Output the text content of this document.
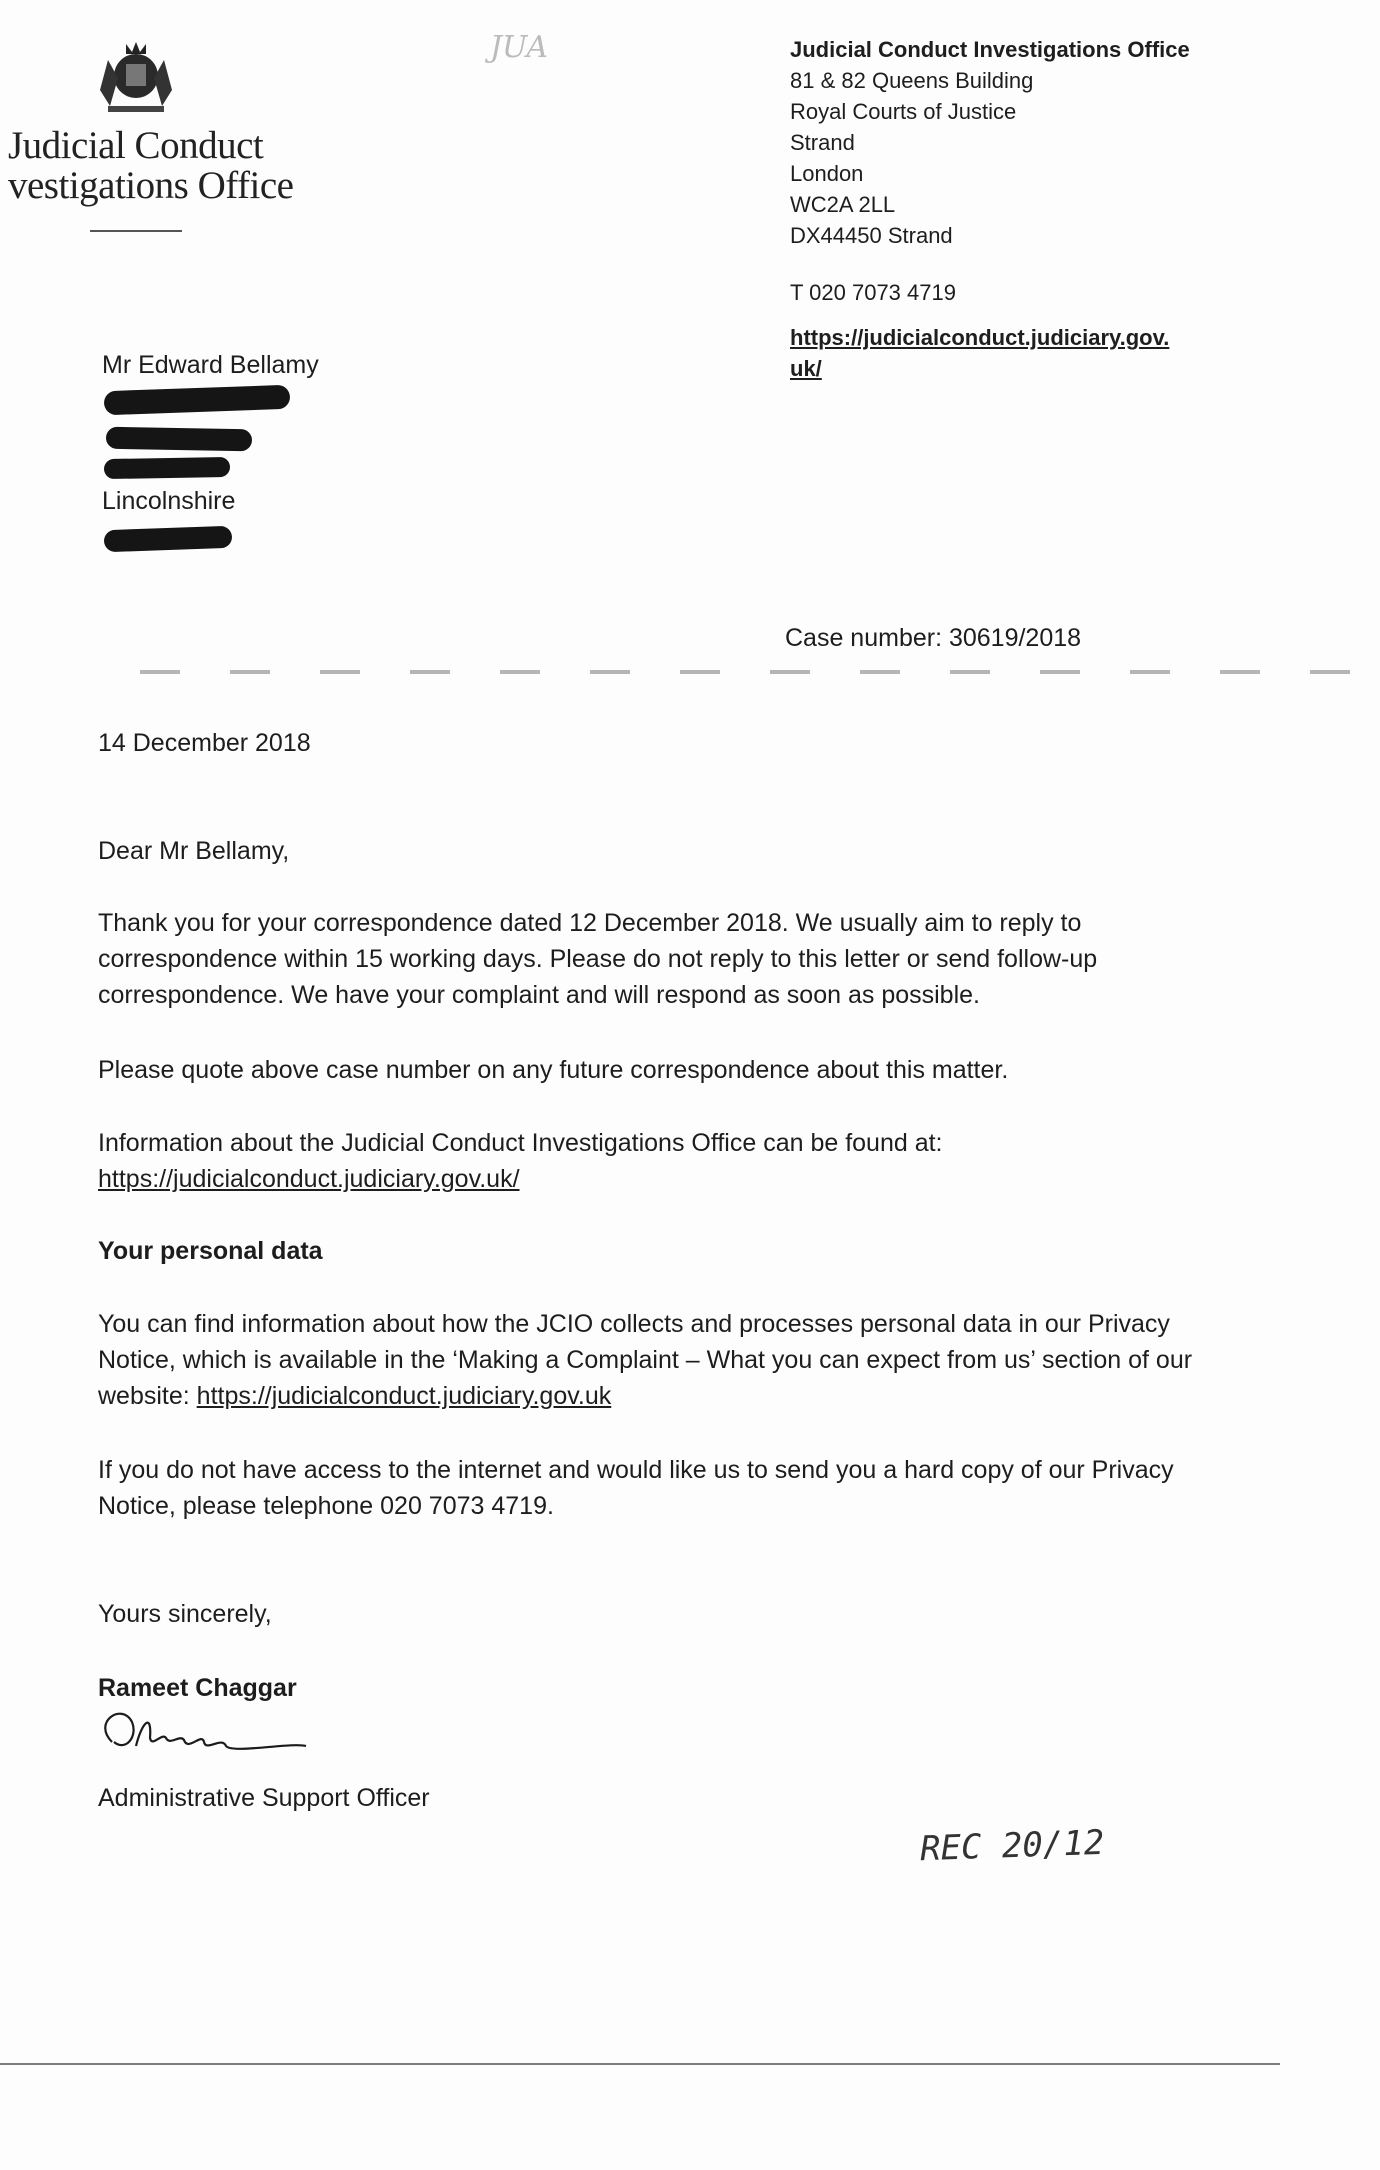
Judicial Conduct
vestigations Office
JUA	Judicial Conduct Investigations Office
81 & 82 Queens Building
Royal Courts of Justice
Strand
London
WC2A 2LL
DX44450 Strand
T 020 7073 4719
https://judicialconduct.judiciary.gov.uk/
Mr Edward Bellamy
Lincolnshire
Case number: 30619/2018
14 December 2018
Dear Mr Bellamy,
Thank you for your correspondence dated 12 December 2018. We usually aim to reply to correspondence within 15 working days. Please do not reply to this letter or send follow-up correspondence. We have your complaint and will respond as soon as possible.
Please quote above case number on any future correspondence about this matter.
Information about the Judicial Conduct Investigations Office can be found at:
https://judicialconduct.judiciary.gov.uk/
Your personal data
You can find information about how the JCIO collects and processes personal data in our Privacy Notice, which is available in the ‘Making a Complaint – What you can expect from us’ section of our website: https://judicialconduct.judiciary.gov.uk
If you do not have access to the internet and would like us to send you a hard copy of our Privacy Notice, please telephone 020 7073 4719.
Yours sincerely,
Rameet Chaggar
Administrative Support Officer
REC 20/12
